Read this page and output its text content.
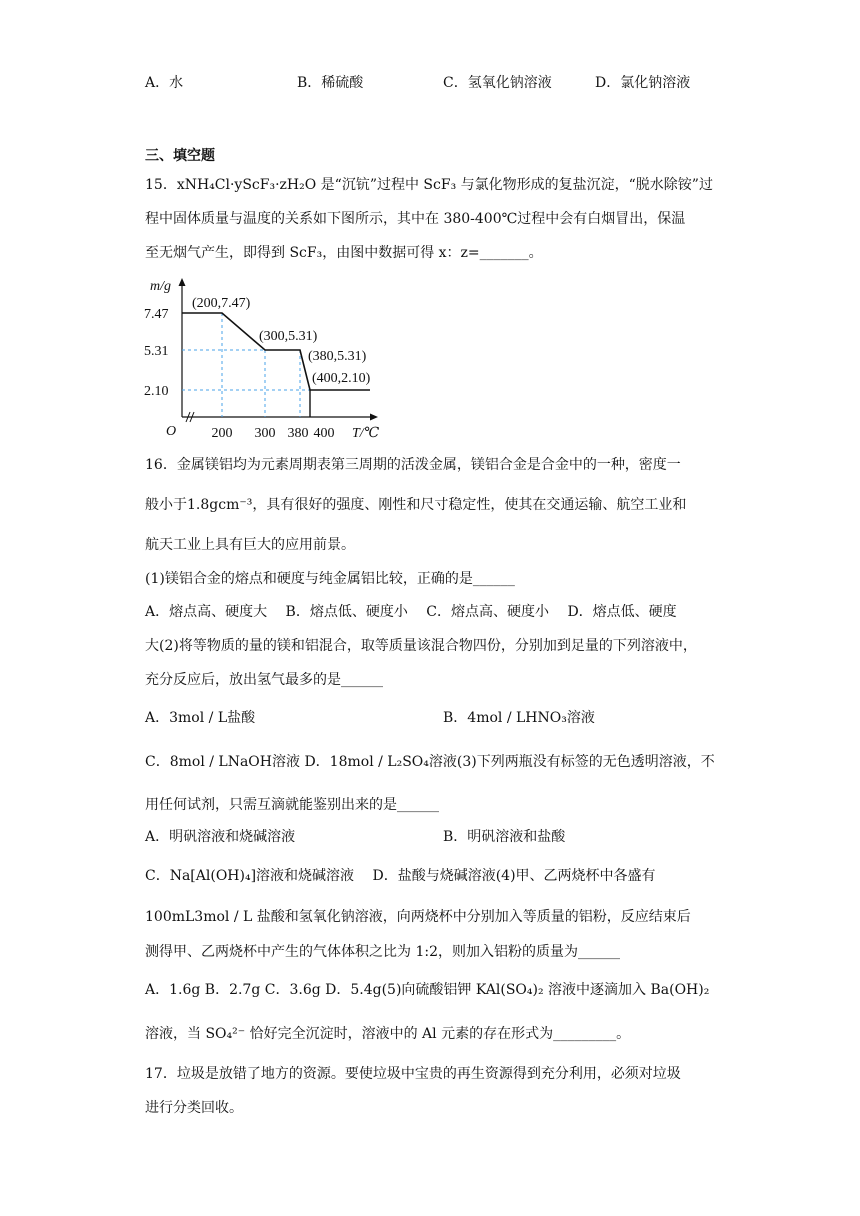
A．水	B．稀硫酸	C．氢氧化钠溶液	D．氯化钠溶液
三、填空题
15．xNH₄Cl·yScF₃·zH₂O 是“沉钪”过程中 ScF₃ 与氯化物形成的复盐沉淀，“脱水除铵”过
程中固体质量与温度的关系如下图所示，其中在 380-400℃过程中会有白烟冒出，保温
至无烟气产生，即得到 ScF₃，由图中数据可得 x：z=_______。
7.47
5.31
2.10
200 300 380 400
O	T/℃
m/g
(200,7.47)
(300,5.31)
(380,5.31)
(400,2.10)
16．金属镁铝均为元素周期表第三周期的活泼金属，镁铝合金是合金中的一种，密度一
般小于1.8gcm⁻³，具有很好的强度、刚性和尺寸稳定性，使其在交通运输、航空工业和
航天工业上具有巨大的应用前景。
(1)镁铝合金的熔点和硬度与纯金属铝比较，正确的是______
A．熔点高、硬度大　 B．熔点低、硬度小　 C．熔点高、硬度小　 D．熔点低、硬度
大(2)将等物质的量的镁和铝混合，取等质量该混合物四份，分别加到足量的下列溶液中，
充分反应后，放出氢气最多的是______
A．3mol / L盐酸	B．4mol / LHNO₃溶液
C．8mol / LNaOH溶液 D．18mol / L₂SO₄溶液(3)下列两瓶没有标签的无色透明溶液，不
用任何试剂，只需互滴就能鉴别出来的是______
A．明矾溶液和烧碱溶液	B．明矾溶液和盐酸
C．Na[Al(OH)₄]溶液和烧碱溶液　 D．盐酸与烧碱溶液(4)甲、乙两烧杯中各盛有
100mL3mol / L 盐酸和氢氧化钠溶液，向两烧杯中分别加入等质量的铝粉，反应结束后
测得甲、乙两烧杯中产生的气体体积之比为 1:2，则加入铝粉的质量为______
A．1.6g B．2.7g C．3.6g D．5.4g(5)向硫酸铝钾 KAl(SO₄)₂ 溶液中逐滴加入 Ba(OH)₂
溶液，当 SO₄²⁻ 恰好完全沉淀时，溶液中的 Al 元素的存在形式为_________。
17．垃圾是放错了地方的资源。要使垃圾中宝贵的再生资源得到充分利用，必须对垃圾
进行分类回收。
